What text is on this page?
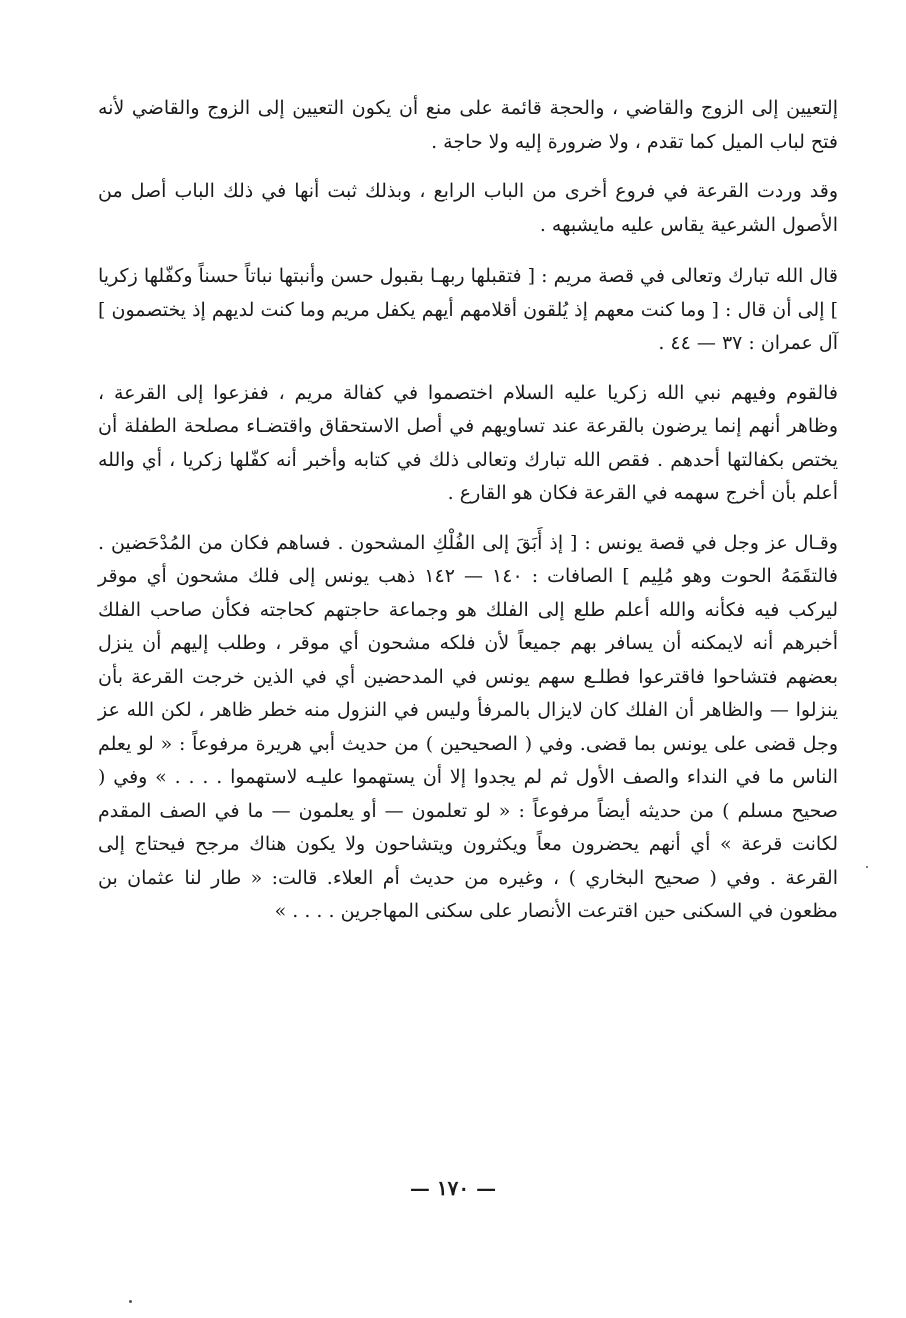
إلتعيين إلى الزوج والقاضي ، والحجة قائمة على منع أن يكون التعيين إلى الزوج والقاضي لأنه فتح لباب الميل كما تقدم ، ولا ضرورة إليه ولا حاجة .

وقد وردت القرعة في فروع أخرى من الباب الرابع ، وبذلك ثبت أنها في ذلك الباب أصل من الأصول الشرعية يقاس عليه مايشبهه .

قال الله تبارك وتعالى في قصة مريم : [ فتقبلها ربهـا بقبول حسن وأنبتها نباتاً حسناً وكفّلها زكريا ] إلى أن قال : [ وما كنت معهم إذ يُلقون أقلامهم أيهم يكفل مريم وما كنت لديهم إذ يختصمون ] آل عمران : ٣٧ — ٤٤ .

فالقوم وفيهم نبي الله زكريا عليه السلام اختصموا في كفالة مريم ، ففزعوا إلى القرعة ، وظاهر أنهم إنما يرضون بالقرعة عند تساويهم في أصل الاستحقاق واقتضـاء مصلحة الطفلة أن يختص بكفالتها أحدهم . فقص الله تبارك وتعالى ذلك في كتابه وأخبر أنه كفّلها زكريا ، أي والله أعلم بأن أخرج سهمه في القرعة فكان هو القارع .

وقـال عز وجل في قصة يونس : [ إذ أَبَقَ إلى الفُلْكِ المشحون . فساهم فكان من المُدْحَضين . فالتقَمَهُ الحوت وهو مُلِيم ] الصافات : ١٤٠ — ١٤٢ ذهب يونس إلى فلك مشحون أي موقر ليركب فيه فكأنه والله أعلم طلع إلى الفلك هو وجماعة حاجتهم كحاجته فكأن صاحب الفلك أخبرهم أنه لايمكنه أن يسافر بهم جميعاً لأن فلكه مشحون أي موقر ، وطلب إليهم أن ينزل بعضهم فتشاحوا فاقترعوا فطلـع سهم يونس في المدحضين أي في الذين خرجت القرعة بأن ينزلوا — والظاهر أن الفلك كان لايزال بالمرفأ وليس في النزول منه خطر ظاهر ، لكن الله عز وجل قضى على يونس بما قضى. وفي ( الصحيحين ) من حديث أبي هريرة مرفوعاً : « لو يعلم الناس ما في النداء والصف الأول ثم لم يجدوا إلا أن يستهموا عليـه لاستهموا . . . . » وفي ( صحيح مسلم ) من حديثه أيضاً مرفوعاً : « لو تعلمون — أو يعلمون — ما في الصف المقدم لكانت قرعة » أي أنهم يحضرون معاً ويكثرون ويتشاحون ولا يكون هناك مرجح فيحتاج إلى القرعة . وفي ( صحيح البخاري ) ، وغيره من حديث أم العلاء. قالت: « طار لنا عثمان بن مظعون في السكنى حين اقترعت الأنصار على سكنى المهاجرين . . . . »

— ١٧٠ —
